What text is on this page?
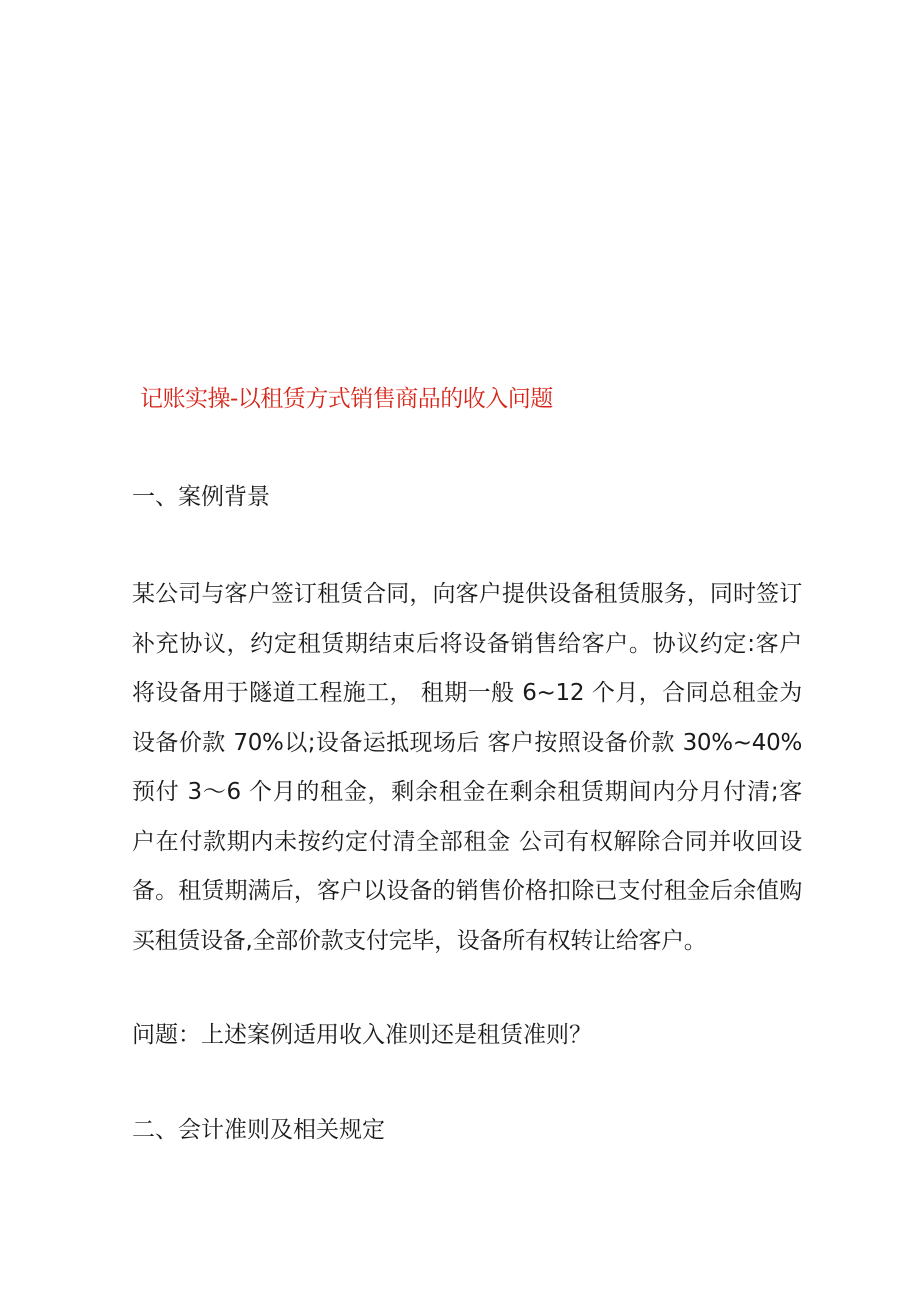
记账实操-以租赁方式销售商品的收入问题
一、案例背景
某公司与客户签订租赁合同，向客户提供设备租赁服务，同时签订
补充协议，约定租赁期结束后将设备销售给客户。协议约定:客户
将设备用于隧道工程施工， 租期一般 6~12 个月，合同总租金为
设备价款 70%以;设备运抵现场后 客户按照设备价款 30%~40%
预付 3～6 个月的租金，剩余租金在剩余租赁期间内分月付清;客
户在付款期内未按约定付清全部租金 公司有权解除合同并收回设
备。租赁期满后，客户以设备的销售价格扣除已支付租金后余值购
买租赁设备,全部价款支付完毕，设备所有权转让给客户。
问题：上述案例适用收入准则还是租赁准则？
二、会计准则及相关规定
